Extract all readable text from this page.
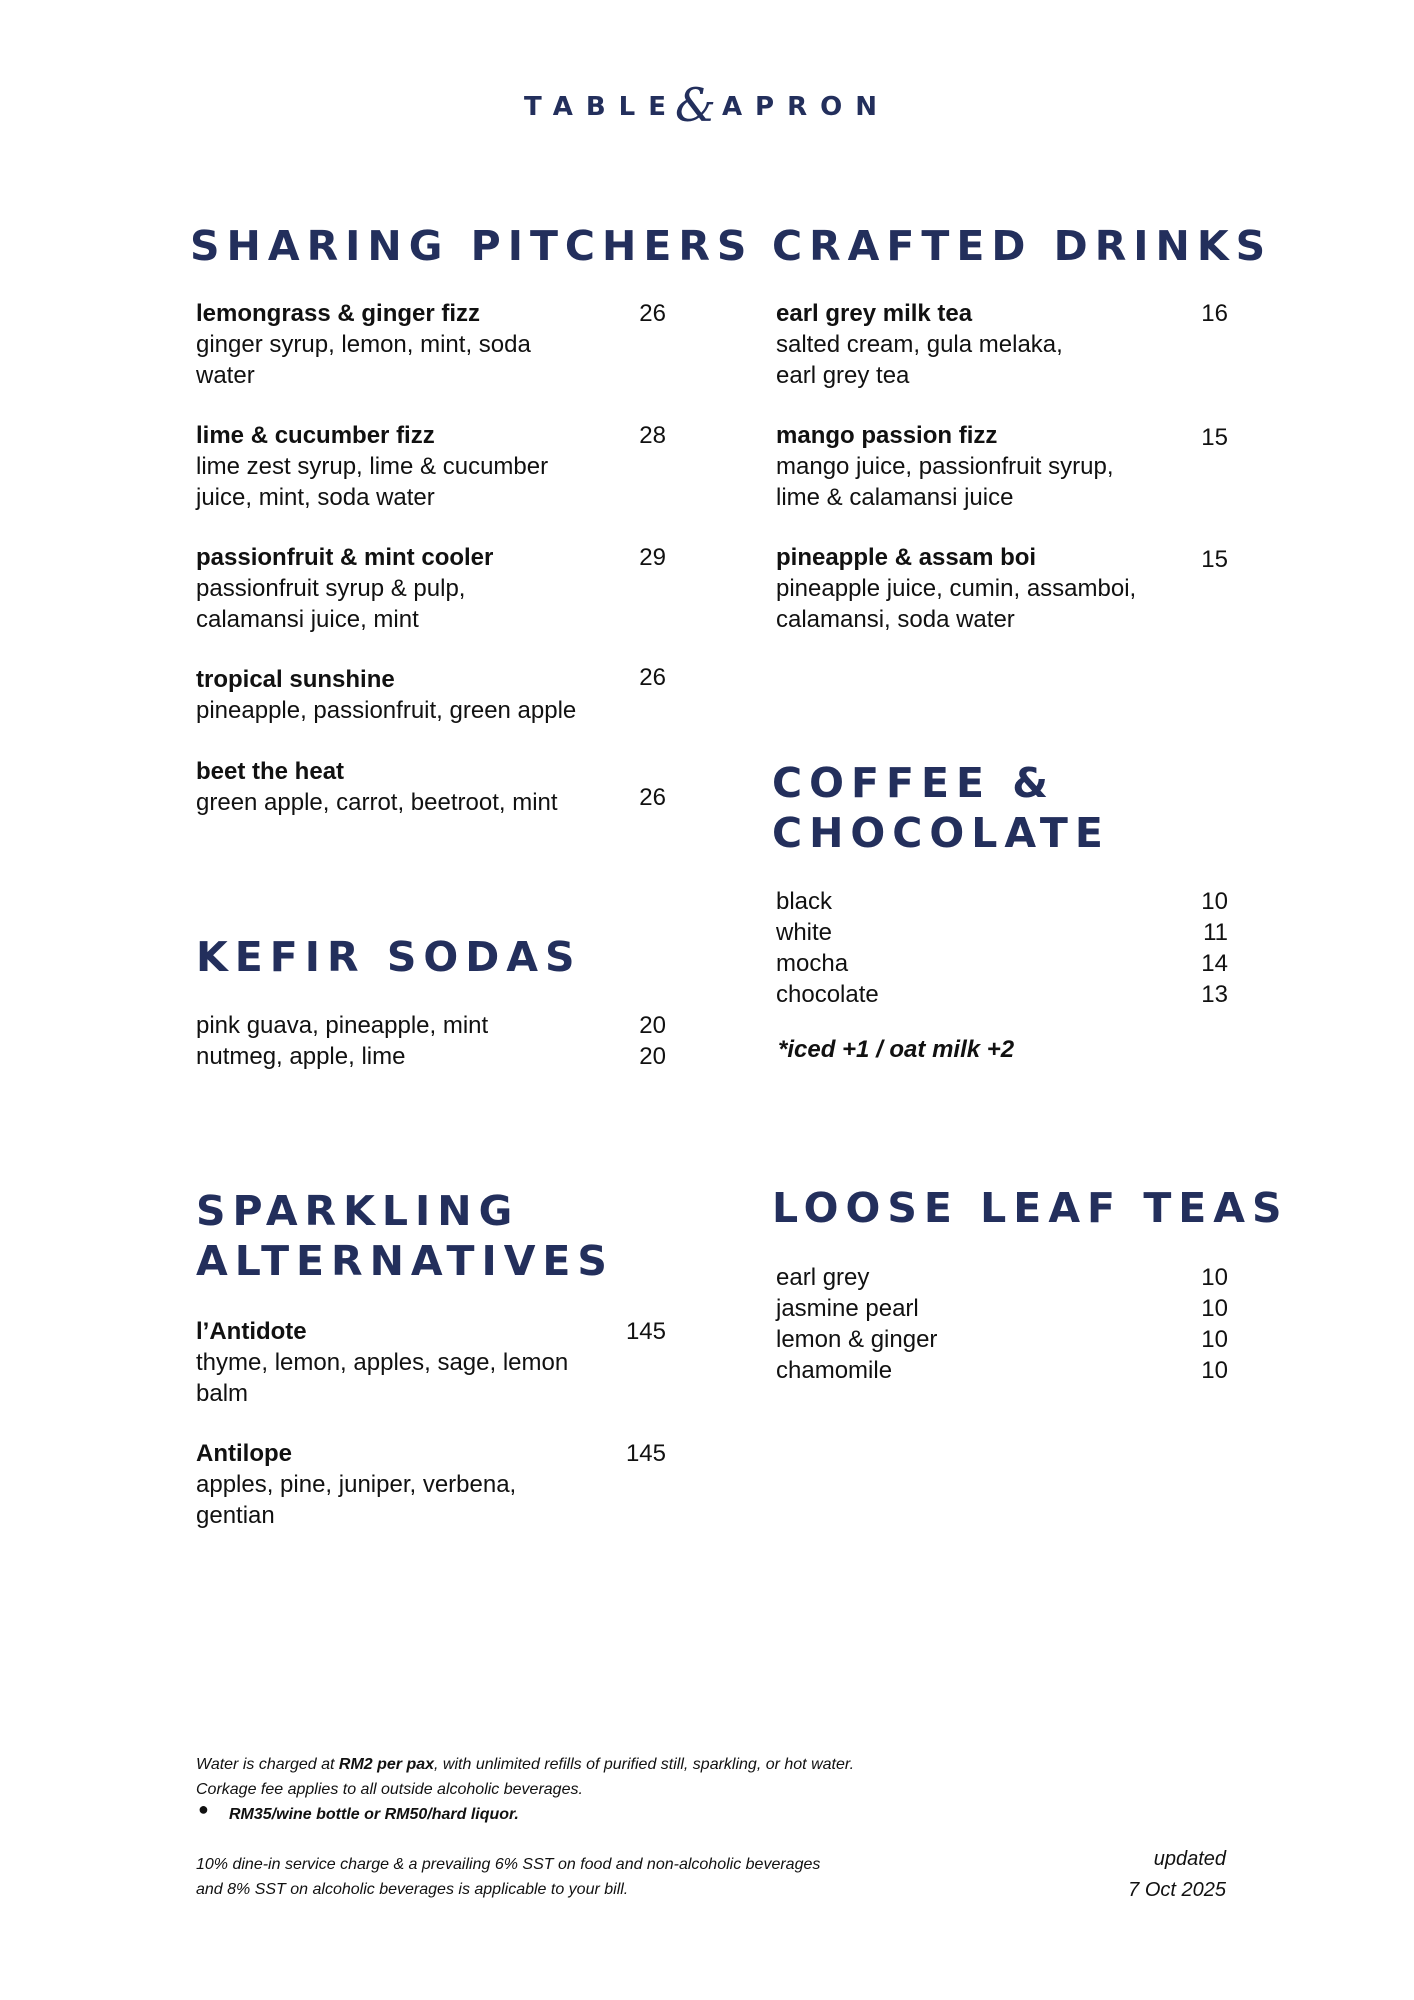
TABLE& APRON
SHARING PITCHERS
lemongrass & ginger fizz
ginger syrup, lemon, mint, soda water
26
lime & cucumber fizz
lime zest syrup, lime & cucumber juice, mint, soda water
28
passionfruit & mint cooler
passionfruit syrup & pulp, calamansi juice, mint
29
tropical sunshine
pineapple, passionfruit, green apple
26
beet the heat
green apple, carrot, beetroot, mint	26
CRAFTED DRINKS
earl grey milk tea
salted cream, gula melaka, earl grey tea
16
mango passion fizz
mango juice, passionfruit syrup, lime & calamansi juice
15
pineapple & assam boi
pineapple juice, cumin, assamboi, calamansi, soda water
15
COFFEE & CHOCOLATE
black	10
white	11
mocha	14
chocolate	13
*iced +1 / oat milk +2
KEFIR SODAS
pink guava, pineapple, mint	20
nutmeg, apple, lime	20
LOOSE LEAF TEAS
earl grey	10
jasmine pearl	10
lemon & ginger	10
chamomile	10
SPARKLING ALTERNATIVES
l’Antidote
thyme, lemon, apples, sage, lemon balm
145
Antilope
apples, pine, juniper, verbena, gentian
145
Water is charged at RM2 per pax, with unlimited refills of purified still, sparkling, or hot water.
Corkage fee applies to all outside alcoholic beverages.
● RM35/wine bottle or RM50/hard liquor.
10% dine-in service charge & a prevailing 6% SST on food and non-alcoholic beverages and 8% SST on alcoholic beverages is applicable to your bill.
updated
7 Oct 2025
